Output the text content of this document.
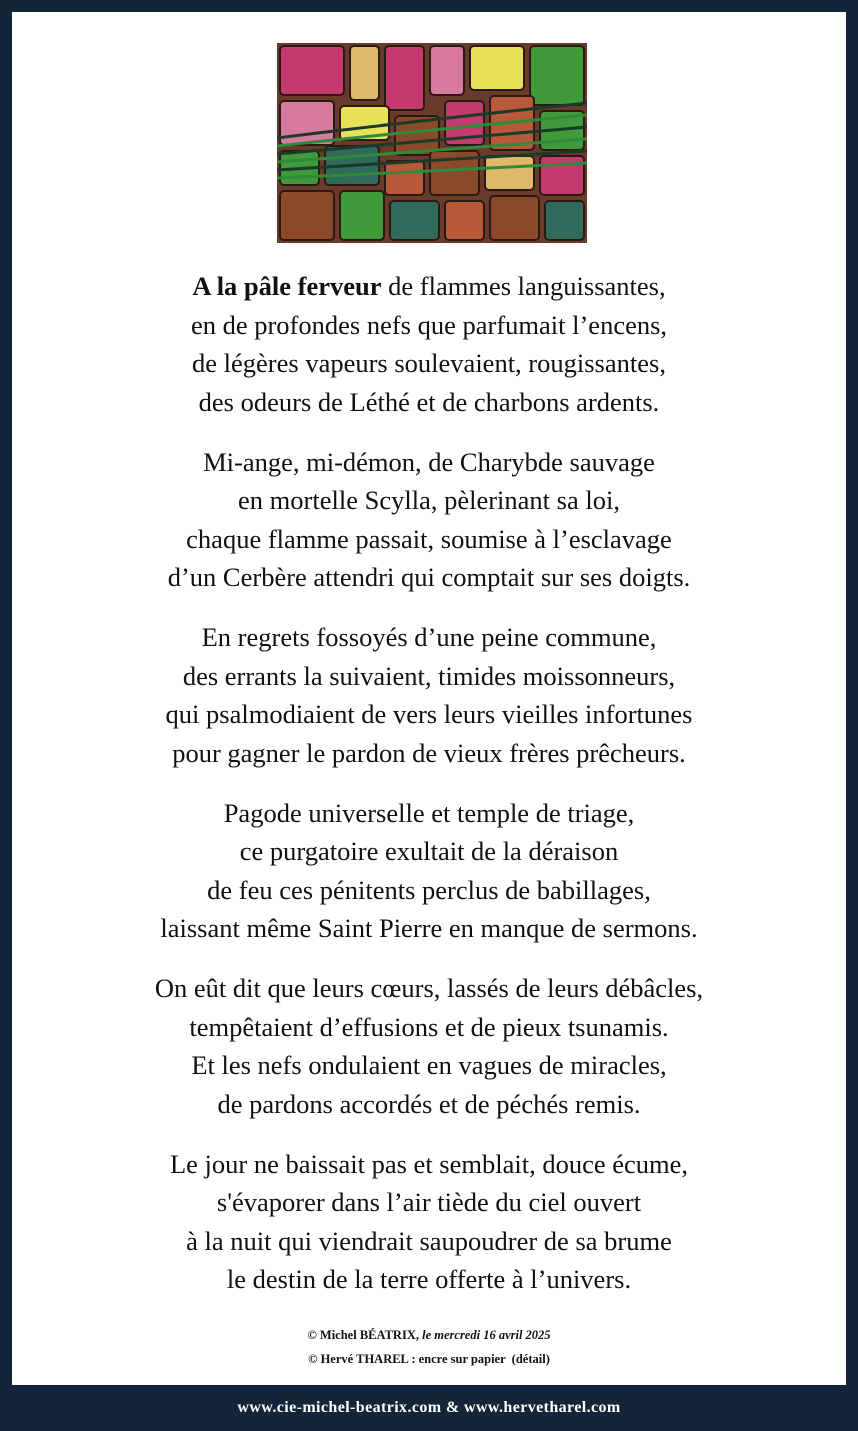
A la pâle ferveur de flammes languissantes,
en de profondes nefs que parfumait l’encens,
de légères vapeurs soulevaient, rougissantes,
des odeurs de Léthé et de charbons ardents.
Mi-ange, mi-démon, de Charybde sauvage
en mortelle Scylla, pèlerinant sa loi,
chaque flamme passait, soumise à l’esclavage
d’un Cerbère attendri qui comptait sur ses doigts.
En regrets fossoyés d’une peine commune,
des errants la suivaient, timides moissonneurs,
qui psalmodiaient de vers leurs vieilles infortunes
pour gagner le pardon de vieux frères prêcheurs.
Pagode universelle et temple de triage,
ce purgatoire exultait de la déraison
de feu ces pénitents perclus de babillages,
laissant même Saint Pierre en manque de sermons.
On eût dit que leurs cœurs, lassés de leurs débâcles,
tempêtaient d’effusions et de pieux tsunamis.
Et les nefs ondulaient en vagues de miracles,
de pardons accordés et de péchés remis.
Le jour ne baissait pas et semblait, douce écume,
s'évaporer dans l’air tiède du ciel ouvert
à la nuit qui viendrait saupoudrer de sa brume
le destin de la terre offerte à l’univers.
© Michel BÉATRIX, le mercredi 16 avril 2025
© Hervé THAREL : encre sur papier  (détail)
www.cie-michel-beatrix.com & www.hervetharel.com
